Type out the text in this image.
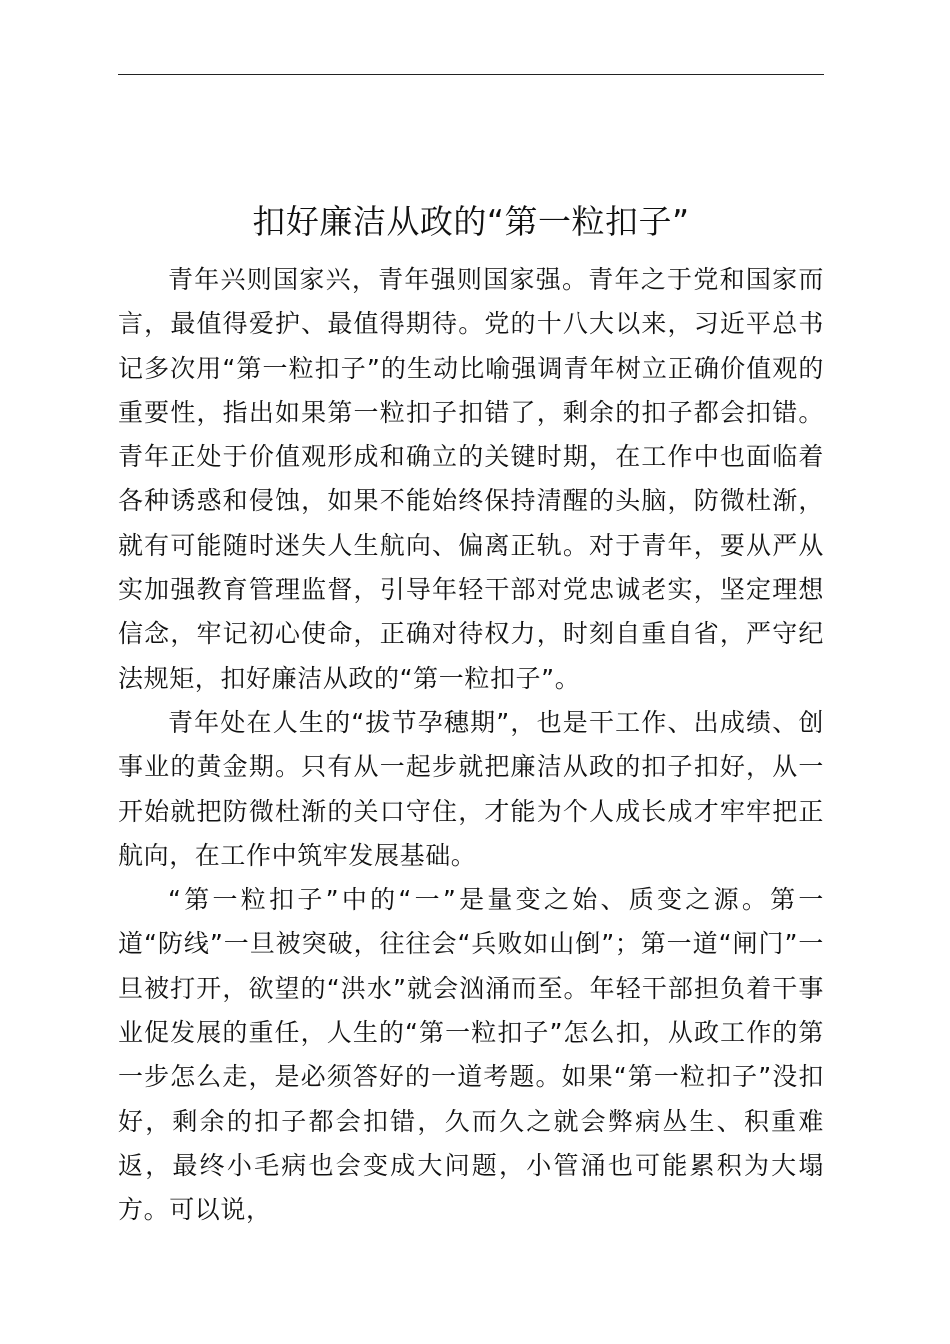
扣好廉洁从政的“第一粒扣子”

青年兴则国家兴，青年强则国家强。青年之于党和国家而言，最值得爱护、最值得期待。党的十八大以来，习近平总书记多次用“第一粒扣子”的生动比喻强调青年树立正确价值观的重要性，指出如果第一粒扣子扣错了，剩余的扣子都会扣错。青年正处于价值观形成和确立的关键时期，在工作中也面临着各种诱惑和侵蚀，如果不能始终保持清醒的头脑，防微杜渐，就有可能随时迷失人生航向、偏离正轨。对于青年，要从严从实加强教育管理监督，引导年轻干部对党忠诚老实，坚定理想信念，牢记初心使命，正确对待权力，时刻自重自省，严守纪法规矩，扣好廉洁从政的“第一粒扣子”。

青年处在人生的“拔节孕穗期”，也是干工作、出成绩、创事业的黄金期。只有从一起步就把廉洁从政的扣子扣好，从一开始就把防微杜渐的关口守住，才能为个人成长成才牢牢把正航向，在工作中筑牢发展基础。

“第一粒扣子”中的“一”是量变之始、质变之源。第一道“防线”一旦被突破，往往会“兵败如山倒”；第一道“闸门”一旦被打开，欲望的“洪水”就会汹涌而至。年轻干部担负着干事业促发展的重任，人生的“第一粒扣子”怎么扣，从政工作的第一步怎么走，是必须答好的一道考题。如果“第一粒扣子”没扣好，剩余的扣子都会扣错，久而久之就会弊病丛生、积重难返，最终小毛病也会变成大问题，小管涌也可能累积为大塌方。可以说，
